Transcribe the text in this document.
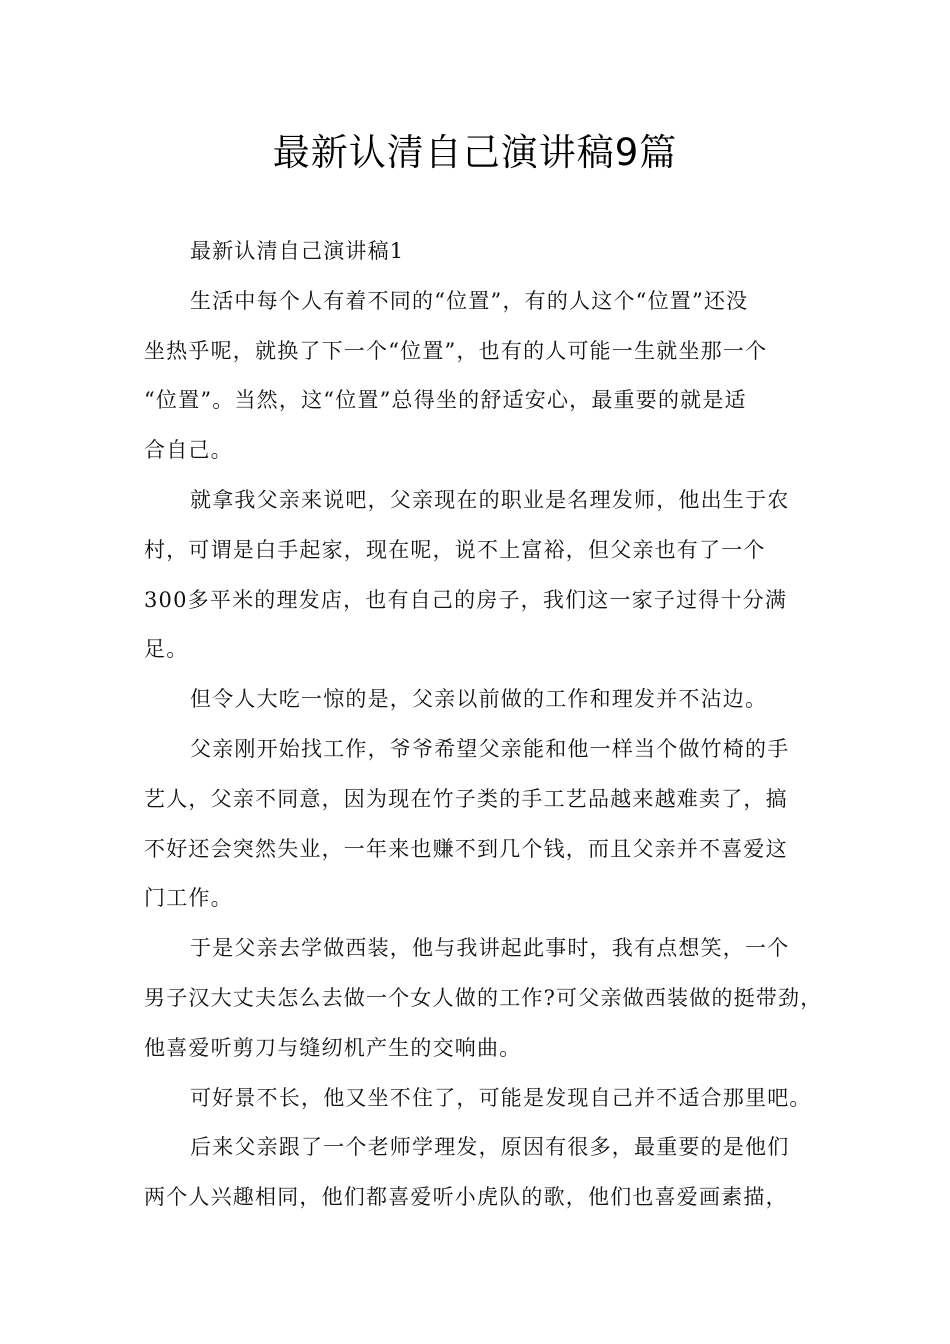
最新认清自己演讲稿9篇

最新认清自己演讲稿1

生活中每个人有着不同的“位置”，有的人这个“位置”还没
坐热乎呢，就换了下一个“位置”，也有的人可能一生就坐那一个
“位置”。当然，这“位置”总得坐的舒适安心，最重要的就是适
合自己。

就拿我父亲来说吧，父亲现在的职业是名理发师，他出生于农
村，可谓是白手起家，现在呢，说不上富裕，但父亲也有了一个
300多平米的理发店，也有自己的房子，我们这一家子过得十分满
足。

但令人大吃一惊的是，父亲以前做的工作和理发并不沾边。

父亲刚开始找工作，爷爷希望父亲能和他一样当个做竹椅的手
艺人，父亲不同意，因为现在竹子类的手工艺品越来越难卖了，搞
不好还会突然失业，一年来也赚不到几个钱，而且父亲并不喜爱这
门工作。

于是父亲去学做西装，他与我讲起此事时，我有点想笑，一个
男子汉大丈夫怎么去做一个女人做的工作?可父亲做西装做的挺带劲，
他喜爱听剪刀与缝纫机产生的交响曲。

可好景不长，他又坐不住了，可能是发现自己并不适合那里吧。

后来父亲跟了一个老师学理发，原因有很多，最重要的是他们
两个人兴趣相同，他们都喜爱听小虎队的歌，他们也喜爱画素描，
